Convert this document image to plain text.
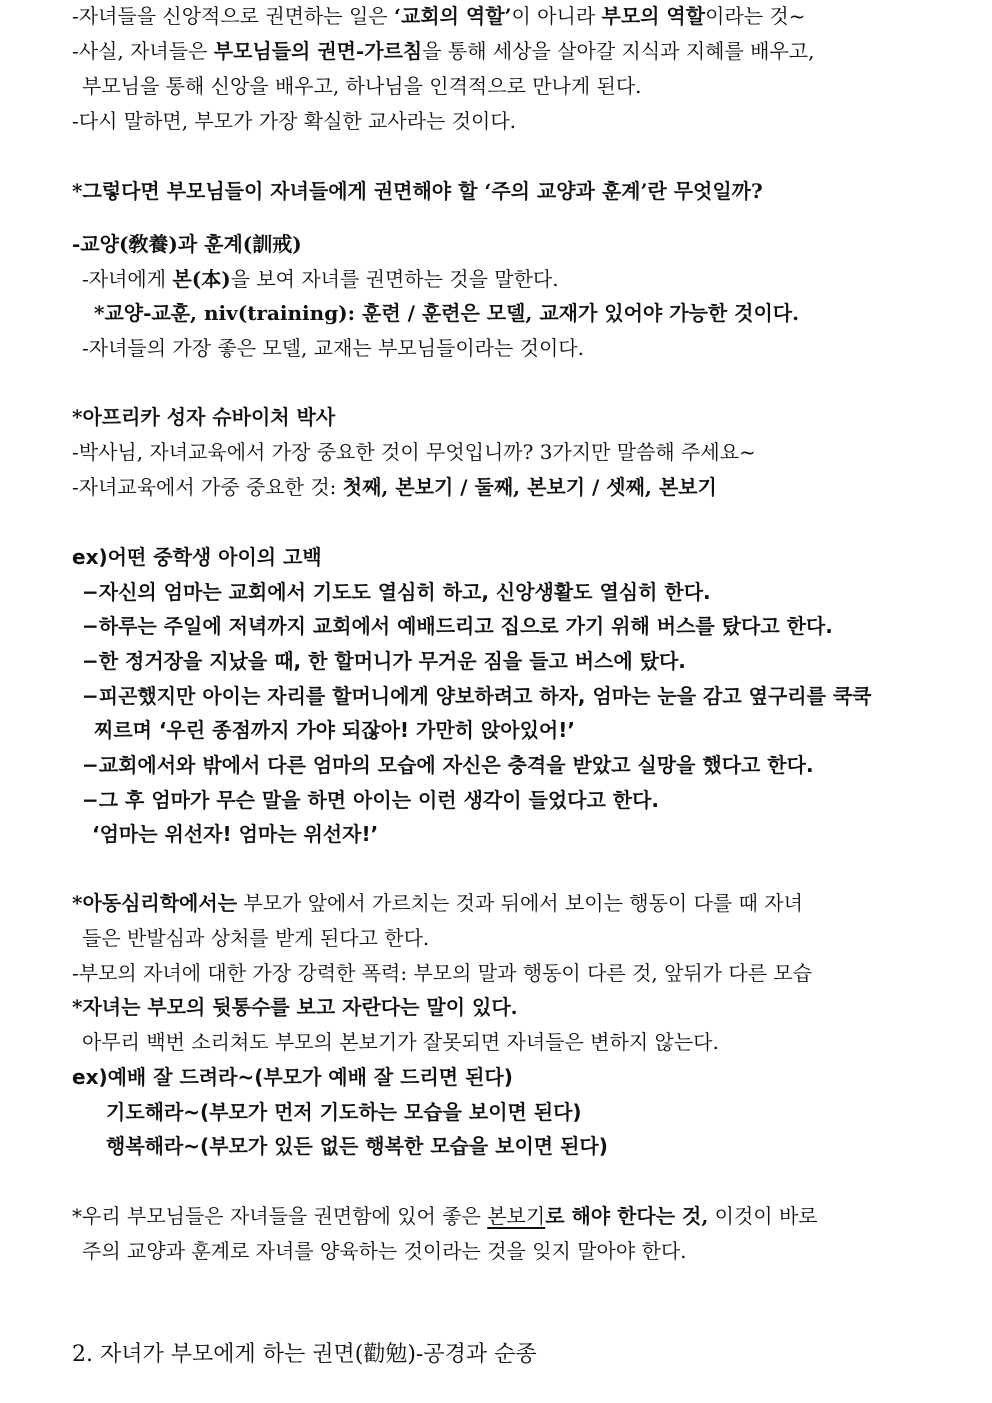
-자녀들을 신앙적으로 권면하는 일은 ‘교회의 역할’이 아니라 부모의 역할이라는 것~
-사실, 자녀들은 부모님들의 권면-가르침을 통해 세상을 살아갈 지식과 지혜를 배우고,
부모님을 통해 신앙을 배우고, 하나님을 인격적으로 만나게 된다.
-다시 말하면, 부모가 가장 확실한 교사라는 것이다.
*그렇다면 부모님들이 자녀들에게 권면해야 할 ‘주의 교양과 훈계’란 무엇일까?
-교양(敎養)과 훈계(訓戒)
-자녀에게 본(本)을 보여 자녀를 권면하는 것을 말한다.
*교양-교훈, niv(training): 훈련 / 훈련은 모델, 교재가 있어야 가능한 것이다.
-자녀들의 가장 좋은 모델, 교재는 부모님들이라는 것이다.
*아프리카 성자 슈바이처 박사
-박사님, 자녀교육에서 가장 중요한 것이 무엇입니까? 3가지만 말씀해 주세요~
-자녀교육에서 가중 중요한 것: 첫째, 본보기 / 둘째, 본보기 / 셋째, 본보기
ex)어떤 중학생 아이의 고백
−자신의 엄마는 교회에서 기도도 열심히 하고, 신앙생활도 열심히 한다.
−하루는 주일에 저녁까지 교회에서 예배드리고 집으로 가기 위해 버스를 탔다고 한다.
−한 정거장을 지났을 때, 한 할머니가 무거운 짐을 들고 버스에 탔다.
−피곤했지만 아이는 자리를 할머니에게 양보하려고 하자, 엄마는 눈을 감고 옆구리를 쿡쿡
찌르며 ‘우린 종점까지 가야 되잖아! 가만히 앉아있어!’
−교회에서와 밖에서 다른 엄마의 모습에 자신은 충격을 받았고 실망을 했다고 한다.
−그 후 엄마가 무슨 말을 하면 아이는 이런 생각이 들었다고 한다.
‘엄마는 위선자! 엄마는 위선자!’
*아동심리학에서는 부모가 앞에서 가르치는 것과 뒤에서 보이는 행동이 다를 때 자녀
들은 반발심과 상처를 받게 된다고 한다.
-부모의 자녀에 대한 가장 강력한 폭력: 부모의 말과 행동이 다른 것, 앞뒤가 다른 모습
*자녀는 부모의 뒷통수를 보고 자란다는 말이 있다.
아무리 백번 소리쳐도 부모의 본보기가 잘못되면 자녀들은 변하지 않는다.
ex)예배 잘 드려라~(부모가 예배 잘 드리면 된다)
기도해라~(부모가 먼저 기도하는 모습을 보이면 된다)
행복해라~(부모가 있든 없든 행복한 모습을 보이면 된다)
*우리 부모님들은 자녀들을 권면함에 있어 좋은 본보기로 해야 한다는 것, 이것이 바로
주의 교양과 훈계로 자녀를 양육하는 것이라는 것을 잊지 말아야 한다.
2. 자녀가 부모에게 하는 권면(勸勉)-공경과 순종
